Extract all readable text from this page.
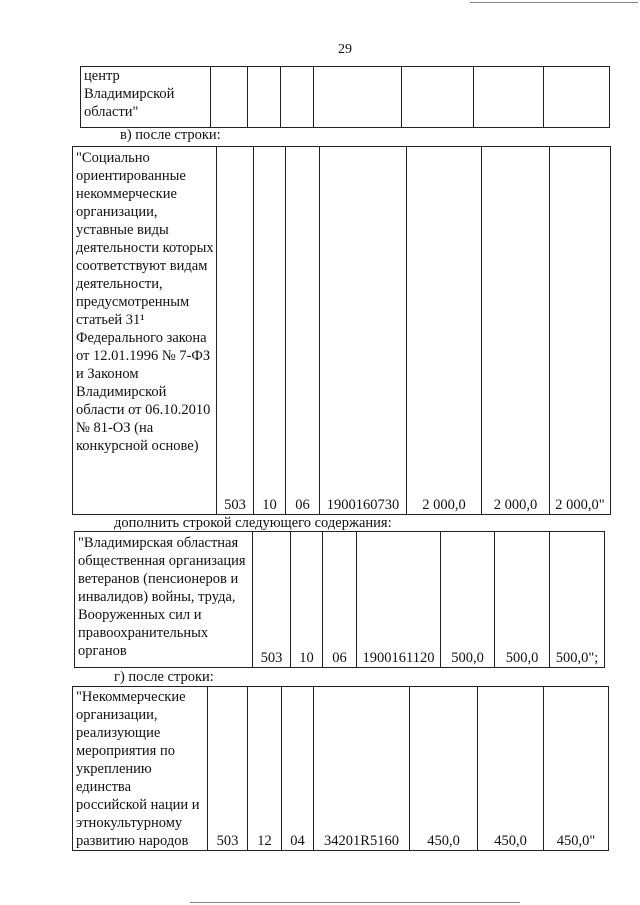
29
центр Владимирской области"							
в) после строки:
"Социально ориентированные некоммерческие организации, уставные виды деятельности которых соответствуют видам деятельности, предусмотренным статьей 31¹ Федерального закона от 12.01.1996 № 7-ФЗ и Законом Владимирской области от 06.10.2010 № 81-ОЗ (на конкурсной основе)	503	10	06	1900160730	2 000,0	2 000,0	2 000,0"
дополнить строкой следующего содержания:
"Владимирская областная общественная организация ветеранов (пенсионеров и инвалидов) войны, труда, Вооруженных сил и правоохранительных органов	503	10	06	1900161120	500,0	500,0	500,0";
г) после строки:
"Некоммерческие организации, реализующие мероприятия по укреплению единства российской нации и этнокультурному развитию народов	503	12	04	34201R5160	450,0	450,0	450,0"
